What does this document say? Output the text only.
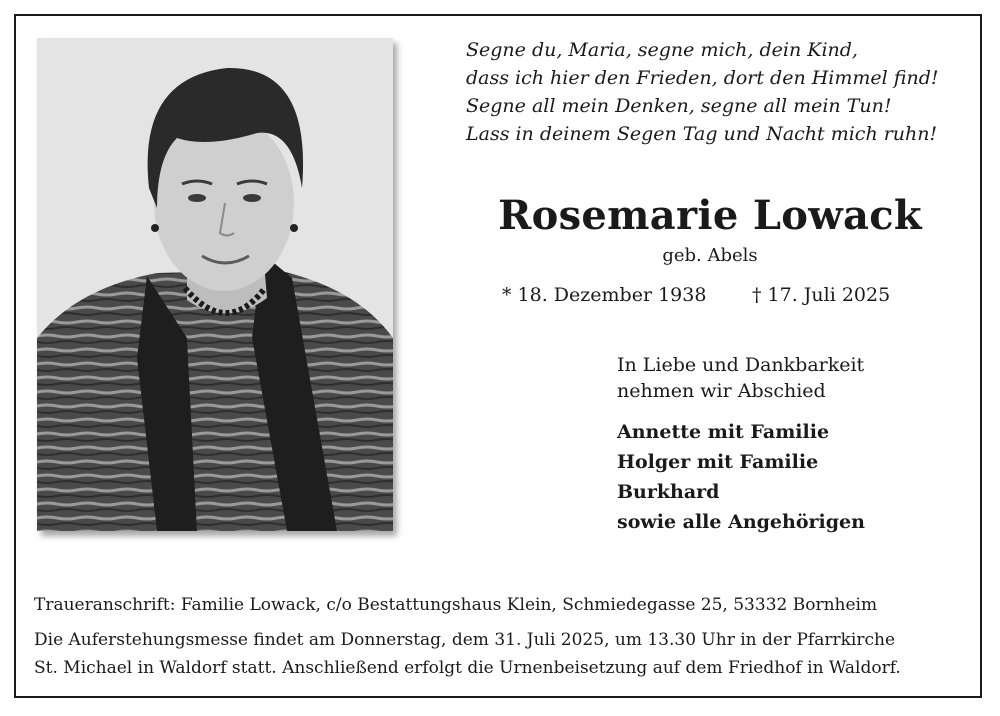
Segne du, Maria, segne mich, dein Kind,
dass ich hier den Frieden, dort den Himmel find!
Segne all mein Denken, segne all mein Tun!
Lass in deinem Segen Tag und Nacht mich ruhn!
Rosemarie Lowack
geb. Abels
* 18. Dezember 1938 † 17. Juli 2025
In Liebe und Dankbarkeit
nehmen wir Abschied
Annette mit Familie
Holger mit Familie
Burkhard
sowie alle Angehörigen
Traueranschrift: Familie Lowack, c/o Bestattungshaus Klein, Schmiedegasse 25, 53332 Bornheim
Die Auferstehungsmesse findet am Donnerstag, dem 31. Juli 2025, um 13.30 Uhr in der Pfarrkirche
St. Michael in Waldorf statt. Anschließend erfolgt die Urnenbeisetzung auf dem Friedhof in Waldorf.
